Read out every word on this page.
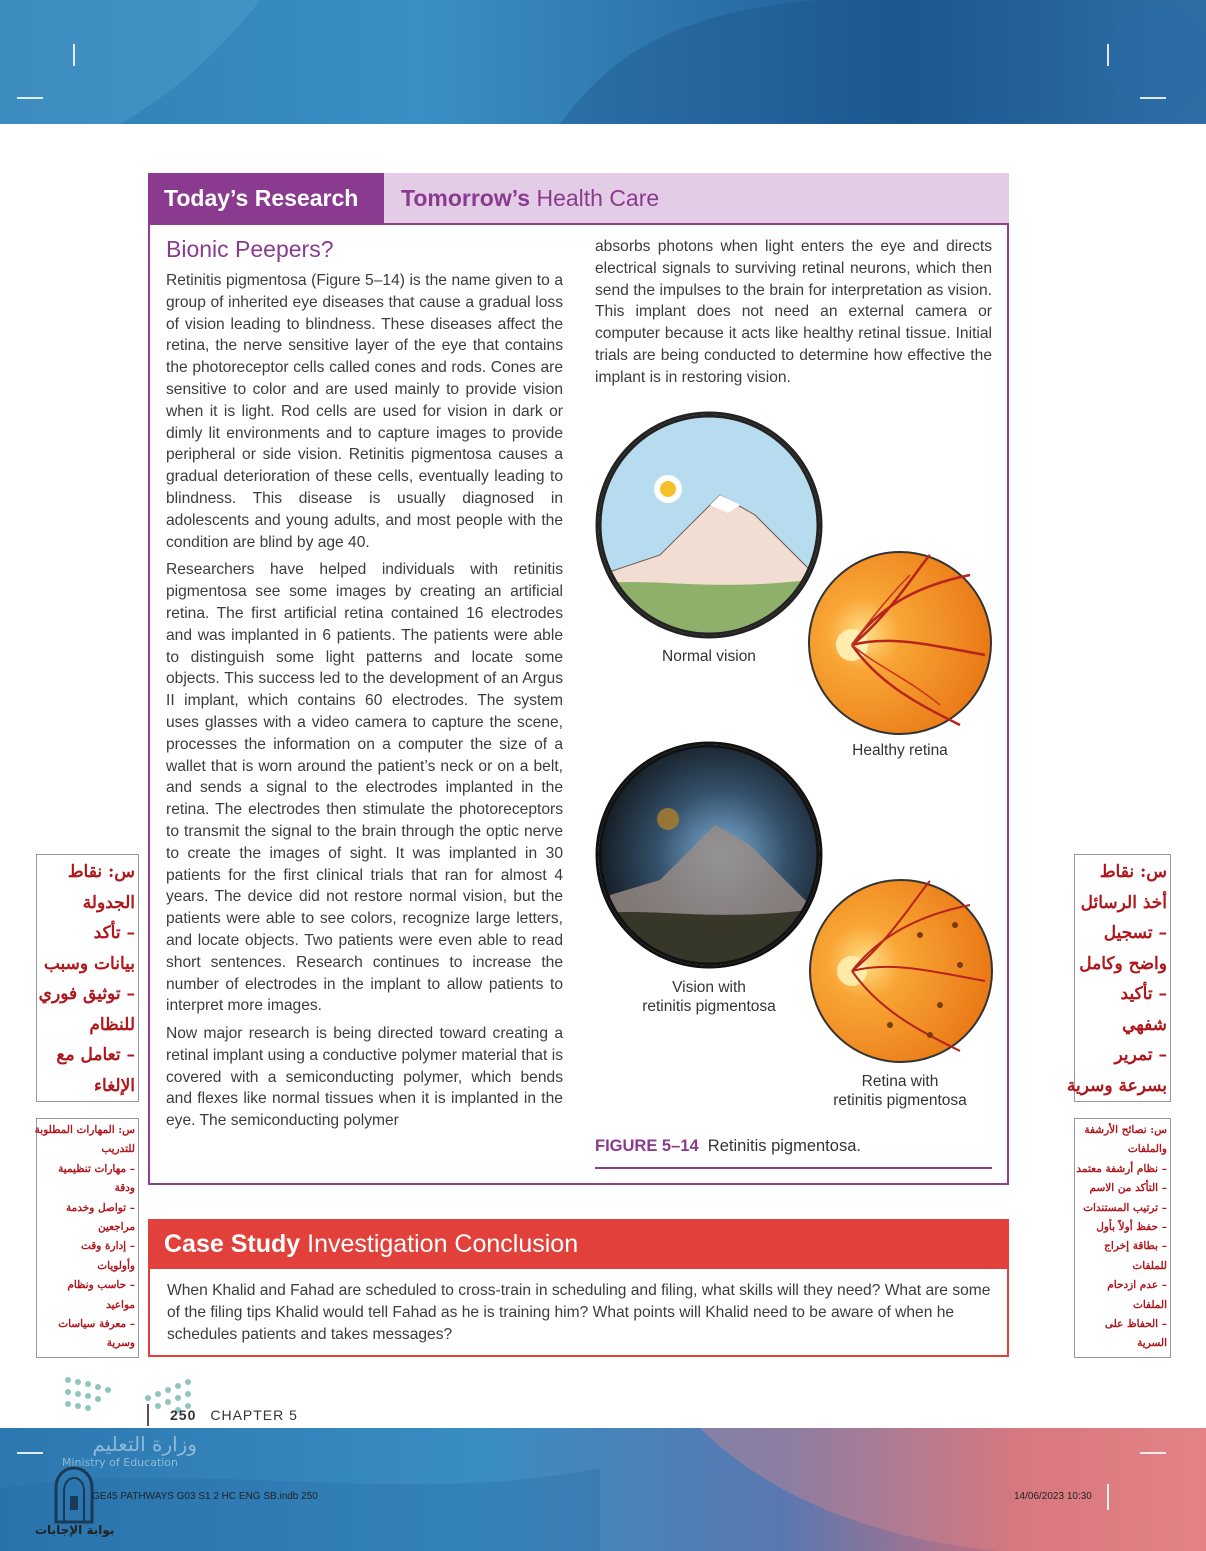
Today’s Research	Tomorrow’s Health Care
Bionic Peepers?

Retinitis pigmentosa (Figure 5–14) is the name given to a group of inherited eye diseases that cause a gradual loss of vision leading to blindness. These diseases affect the retina, the nerve sensitive layer of the eye that contains the photoreceptor cells called cones and rods. Cones are sensitive to color and are used mainly to provide vision when it is light. Rod cells are used for vision in dark or dimly lit environments and to capture images to provide peripheral or side vision. Retinitis pigmentosa causes a gradual deterioration of these cells, eventually leading to blindness. This disease is usually diagnosed in adolescents and young adults, and most people with the condition are blind by age 40.

Researchers have helped individuals with retinitis pigmentosa see some images by creating an artificial retina. The first artificial retina contained 16 electrodes and was implanted in 6 patients. The patients were able to distinguish some light patterns and locate some objects. This success led to the development of an Argus II implant, which contains 60 electrodes. The system uses glasses with a video camera to capture the scene, processes the information on a computer the size of a wallet that is worn around the patient’s neck or on a belt, and sends a signal to the electrodes implanted in the retina. The electrodes then stimulate the photoreceptors to transmit the signal to the brain through the optic nerve to create the images of sight. It was implanted in 30 patients for the first clinical trials that ran for almost 4 years. The device did not restore normal vision, but the patients were able to see colors, recognize large letters, and locate objects. Two patients were even able to read short sentences. Research continues to increase the number of electrodes in the implant to allow patients to interpret more images.

Now major research is being directed toward creating a retinal implant using a conductive polymer material that is covered with a semiconducting polymer, which bends and flexes like normal tissues when it is implanted in the eye. The semiconducting polymer

absorbs photons when light enters the eye and directs electrical signals to surviving retinal neurons, which then send the impulses to the brain for interpretation as vision. This implant does not need an external camera or computer because it acts like healthy retinal tissue. Initial trials are being conducted to determine how effective the implant is in restoring vision.

Normal vision
Healthy retina
Vision with
retinitis pigmentosa
Retina with
retinitis pigmentosa
FIGURE 5–14 Retinitis pigmentosa.
Case Study Investigation Conclusion
When Khalid and Fahad are scheduled to cross-train in scheduling and filing, what skills will they need? What are some of the filing tips Khalid would tell Fahad as he is training him? What points will Khalid need to be aware of when he schedules patients and takes messages?
250 CHAPTER 5
س: نقاط
الجدولة
– تأكد
بيانات وسبب
– توثيق فوري
للنظام
– تعامل مع
الإلغاء
س: المهارات المطلوبة
للتدريب
– مهارات تنظيمية
ودقة
– تواصل وخدمة
مراجعين
– إدارة وقت
وأولويات
– حاسب ونظام
مواعيد
– معرفة سياسات
وسرية
س: نقاط
أخذ الرسائل
– تسجيل
واضح وكامل
– تأكيد
شفهي
– تمرير
بسرعة وسرية
س: نصائح الأرشفة
والملفات
– نظام أرشفة معتمد
– التأكد من الاسم
– ترتيب المستندات
– حفظ أولاً بأول
– بطاقة إخراج
للملفات
– عدم ازدحام
الملفات
– الحفاظ على
السرية
وزارة التعليم
Ministry of Education
GE45 PATHWAYS G03 S1 2 HC ENG SB.indb 250	14/06/2023 10:30
بوابة الإجابات
